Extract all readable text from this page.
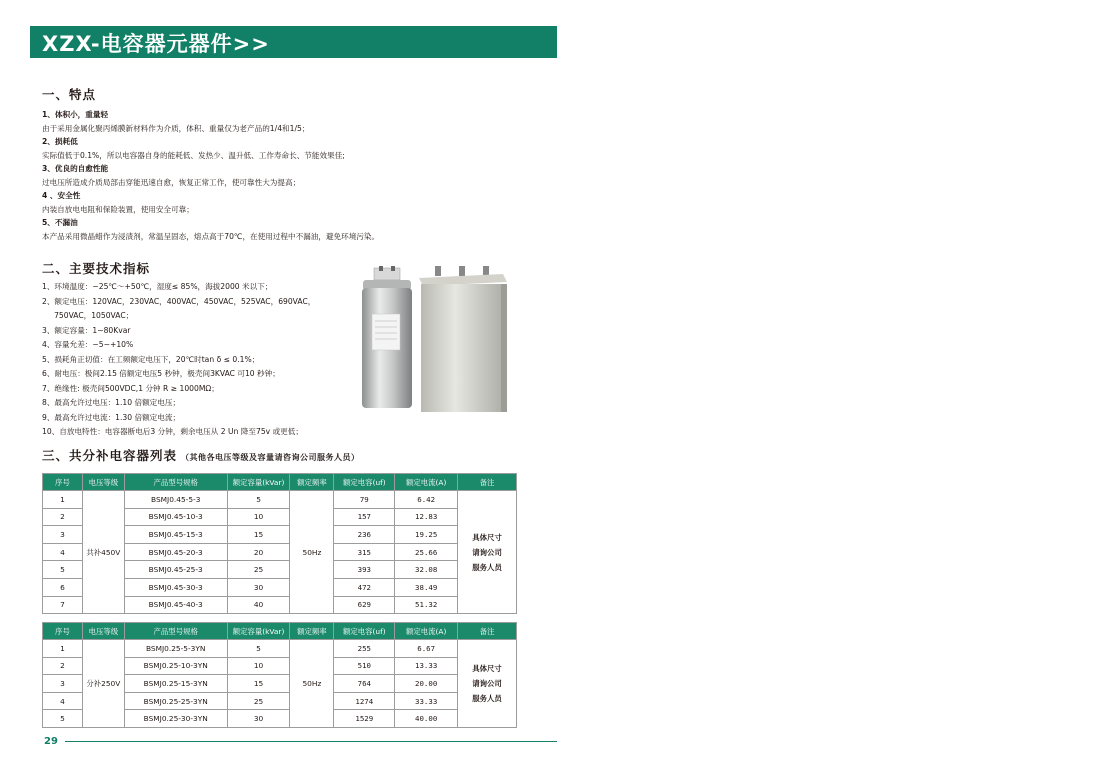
XZX-电容器元器件>>
一、特点
1、体积小，重量轻
由于采用金属化聚丙烯膜新材料作为介质，体积、重量仅为老产品的1/4和1/5；
2、损耗低
实际值低于0.1%，所以电容器自身的能耗低、发热少、温升低、工作寿命长、节能效果佳;
3、优良的自愈性能
过电压所造成介质局部击穿能迅速自愈，恢复正常工作，使可靠性大为提高；
4 、安全性
内装自放电电阻和保险装置，使用安全可靠；
5、不漏油
本产品采用微晶蜡作为浸渍剂，常温呈固态，熔点高于70℃，在使用过程中不漏油，避免环境污染。
二、主要技术指标
1、环境温度：−25℃～+50℃，湿度≤ 85%，海拔2000 米以下；
2、额定电压：120VAC，230VAC，400VAC，450VAC，525VAC，690VAC，
750VAC，1050VAC；
3、额定容量：1~80Kvar
4、容量允差：−5~+10%
5、损耗角正切值：在工频额定电压下，20℃时tan δ ≤ 0.1%；
6、耐电压：极间2.15 倍额定电压5 秒钟，极壳间3KVAC 可10 秒钟；
7、绝缘性: 极壳间500VDC,1 分钟 R ≥ 1000MΩ；
8、最高允许过电压：1.10 倍额定电压；
9、最高允许过电流：1.30 倍额定电流；
10、自放电特性：电容器断电后3 分钟，剩余电压从 2 Un 降至75v 或更低；
三、共分补电容器列表 （其他各电压等级及容量请咨询公司服务人员）
序号	电压等级	产品型号规格	额定容量(kVar)	额定频率	额定电容(uf)	额定电流(A)	备注
1	共补450V	BSMJ0.45-5-3	5	50Hz	79	6.42	具体尺寸
请询公司
服务人员

2		BSMJ0.45-10-3	10		157	12.83	
3		BSMJ0.45-15-3	15		236	19.25	
4		BSMJ0.45-20-3	20		315	25.66	
5		BSMJ0.45-25-3	25		393	32.08	
6		BSMJ0.45-30-3	30		472	38.49	
7		BSMJ0.45-40-3	40		629	51.32	
序号	电压等级	产品型号规格	额定容量(kVar)	额定频率	额定电容(uf)	额定电流(A)	备注
1	分补250V	BSMJ0.25-5-3YN	5	50Hz	255	6.67	具体尺寸
请询公司
服务人员

2		BSMJ0.25-10-3YN	10		510	13.33	
3		BSMJ0.25-15-3YN	15		764	20.00	
4		BSMJ0.25-25-3YN	25		1274	33.33	
5		BSMJ0.25-30-3YN	30		1529	40.00	
29
